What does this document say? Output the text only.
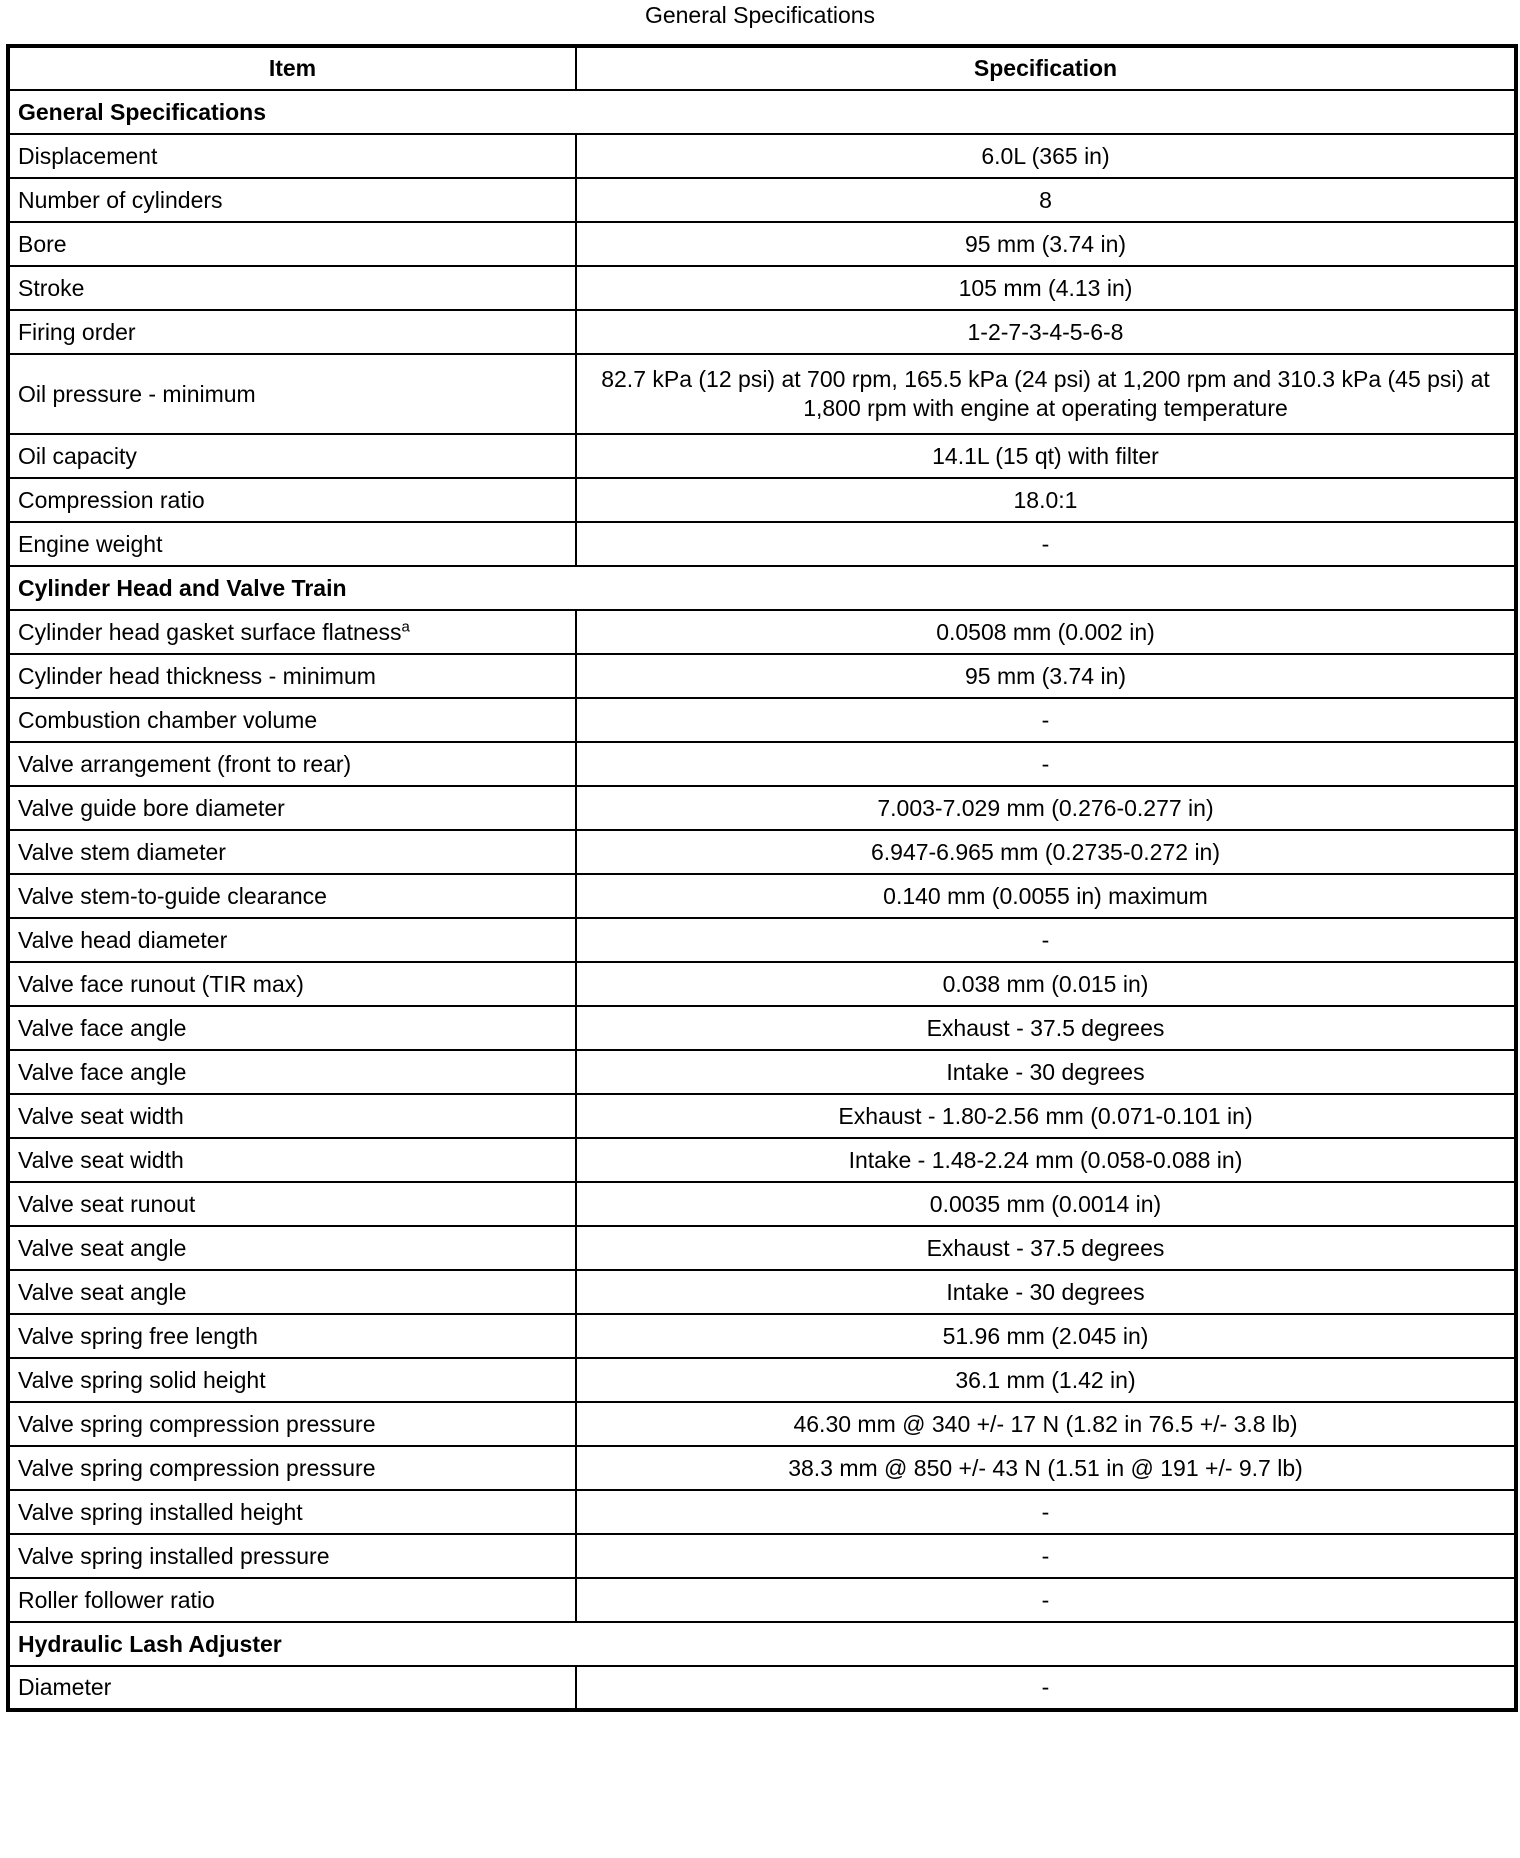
General Specifications
Item	Specification
General Specifications	
Displacement	6.0L (365 in)
Number of cylinders	8
Bore	95 mm (3.74 in)
Stroke	105 mm (4.13 in)
Firing order	1-2-7-3-4-5-6-8
Oil pressure - minimum	82.7 kPa (12 psi) at 700 rpm, 165.5 kPa (24 psi) at 1,200 rpm and 310.3 kPa (45 psi) at 1,800 rpm with engine at operating temperature
Oil capacity	14.1L (15 qt) with filter
Compression ratio	18.0:1
Engine weight	-
Cylinder Head and Valve Train	
Cylinder head gasket surface flatness$^a$	0.0508 mm (0.002 in)
Cylinder head thickness - minimum	95 mm (3.74 in)
Combustion chamber volume	-
Valve arrangement (front to rear)	-
Valve guide bore diameter	7.003-7.029 mm (0.276-0.277 in)
Valve stem diameter	6.947-6.965 mm (0.2735-0.272 in)
Valve stem-to-guide clearance	0.140 mm (0.0055 in) maximum
Valve head diameter	-
Valve face runout (TIR max)	0.038 mm (0.015 in)
Valve face angle	Exhaust - 37.5 degrees
Valve face angle	Intake - 30 degrees
Valve seat width	Exhaust - 1.80-2.56 mm (0.071-0.101 in)
Valve seat width	Intake - 1.48-2.24 mm (0.058-0.088 in)
Valve seat runout	0.0035 mm (0.0014 in)
Valve seat angle	Exhaust - 37.5 degrees
Valve seat angle	Intake - 30 degrees
Valve spring free length	51.96 mm (2.045 in)
Valve spring solid height	36.1 mm (1.42 in)
Valve spring compression pressure	46.30 mm @ 340 +/- 17 N (1.82 in 76.5 +/- 3.8 lb)
Valve spring compression pressure	38.3 mm @ 850 +/- 43 N (1.51 in @ 191 +/- 9.7 lb)
Valve spring installed height	-
Valve spring installed pressure	-
Roller follower ratio	-
Hydraulic Lash Adjuster	
Diameter	-
